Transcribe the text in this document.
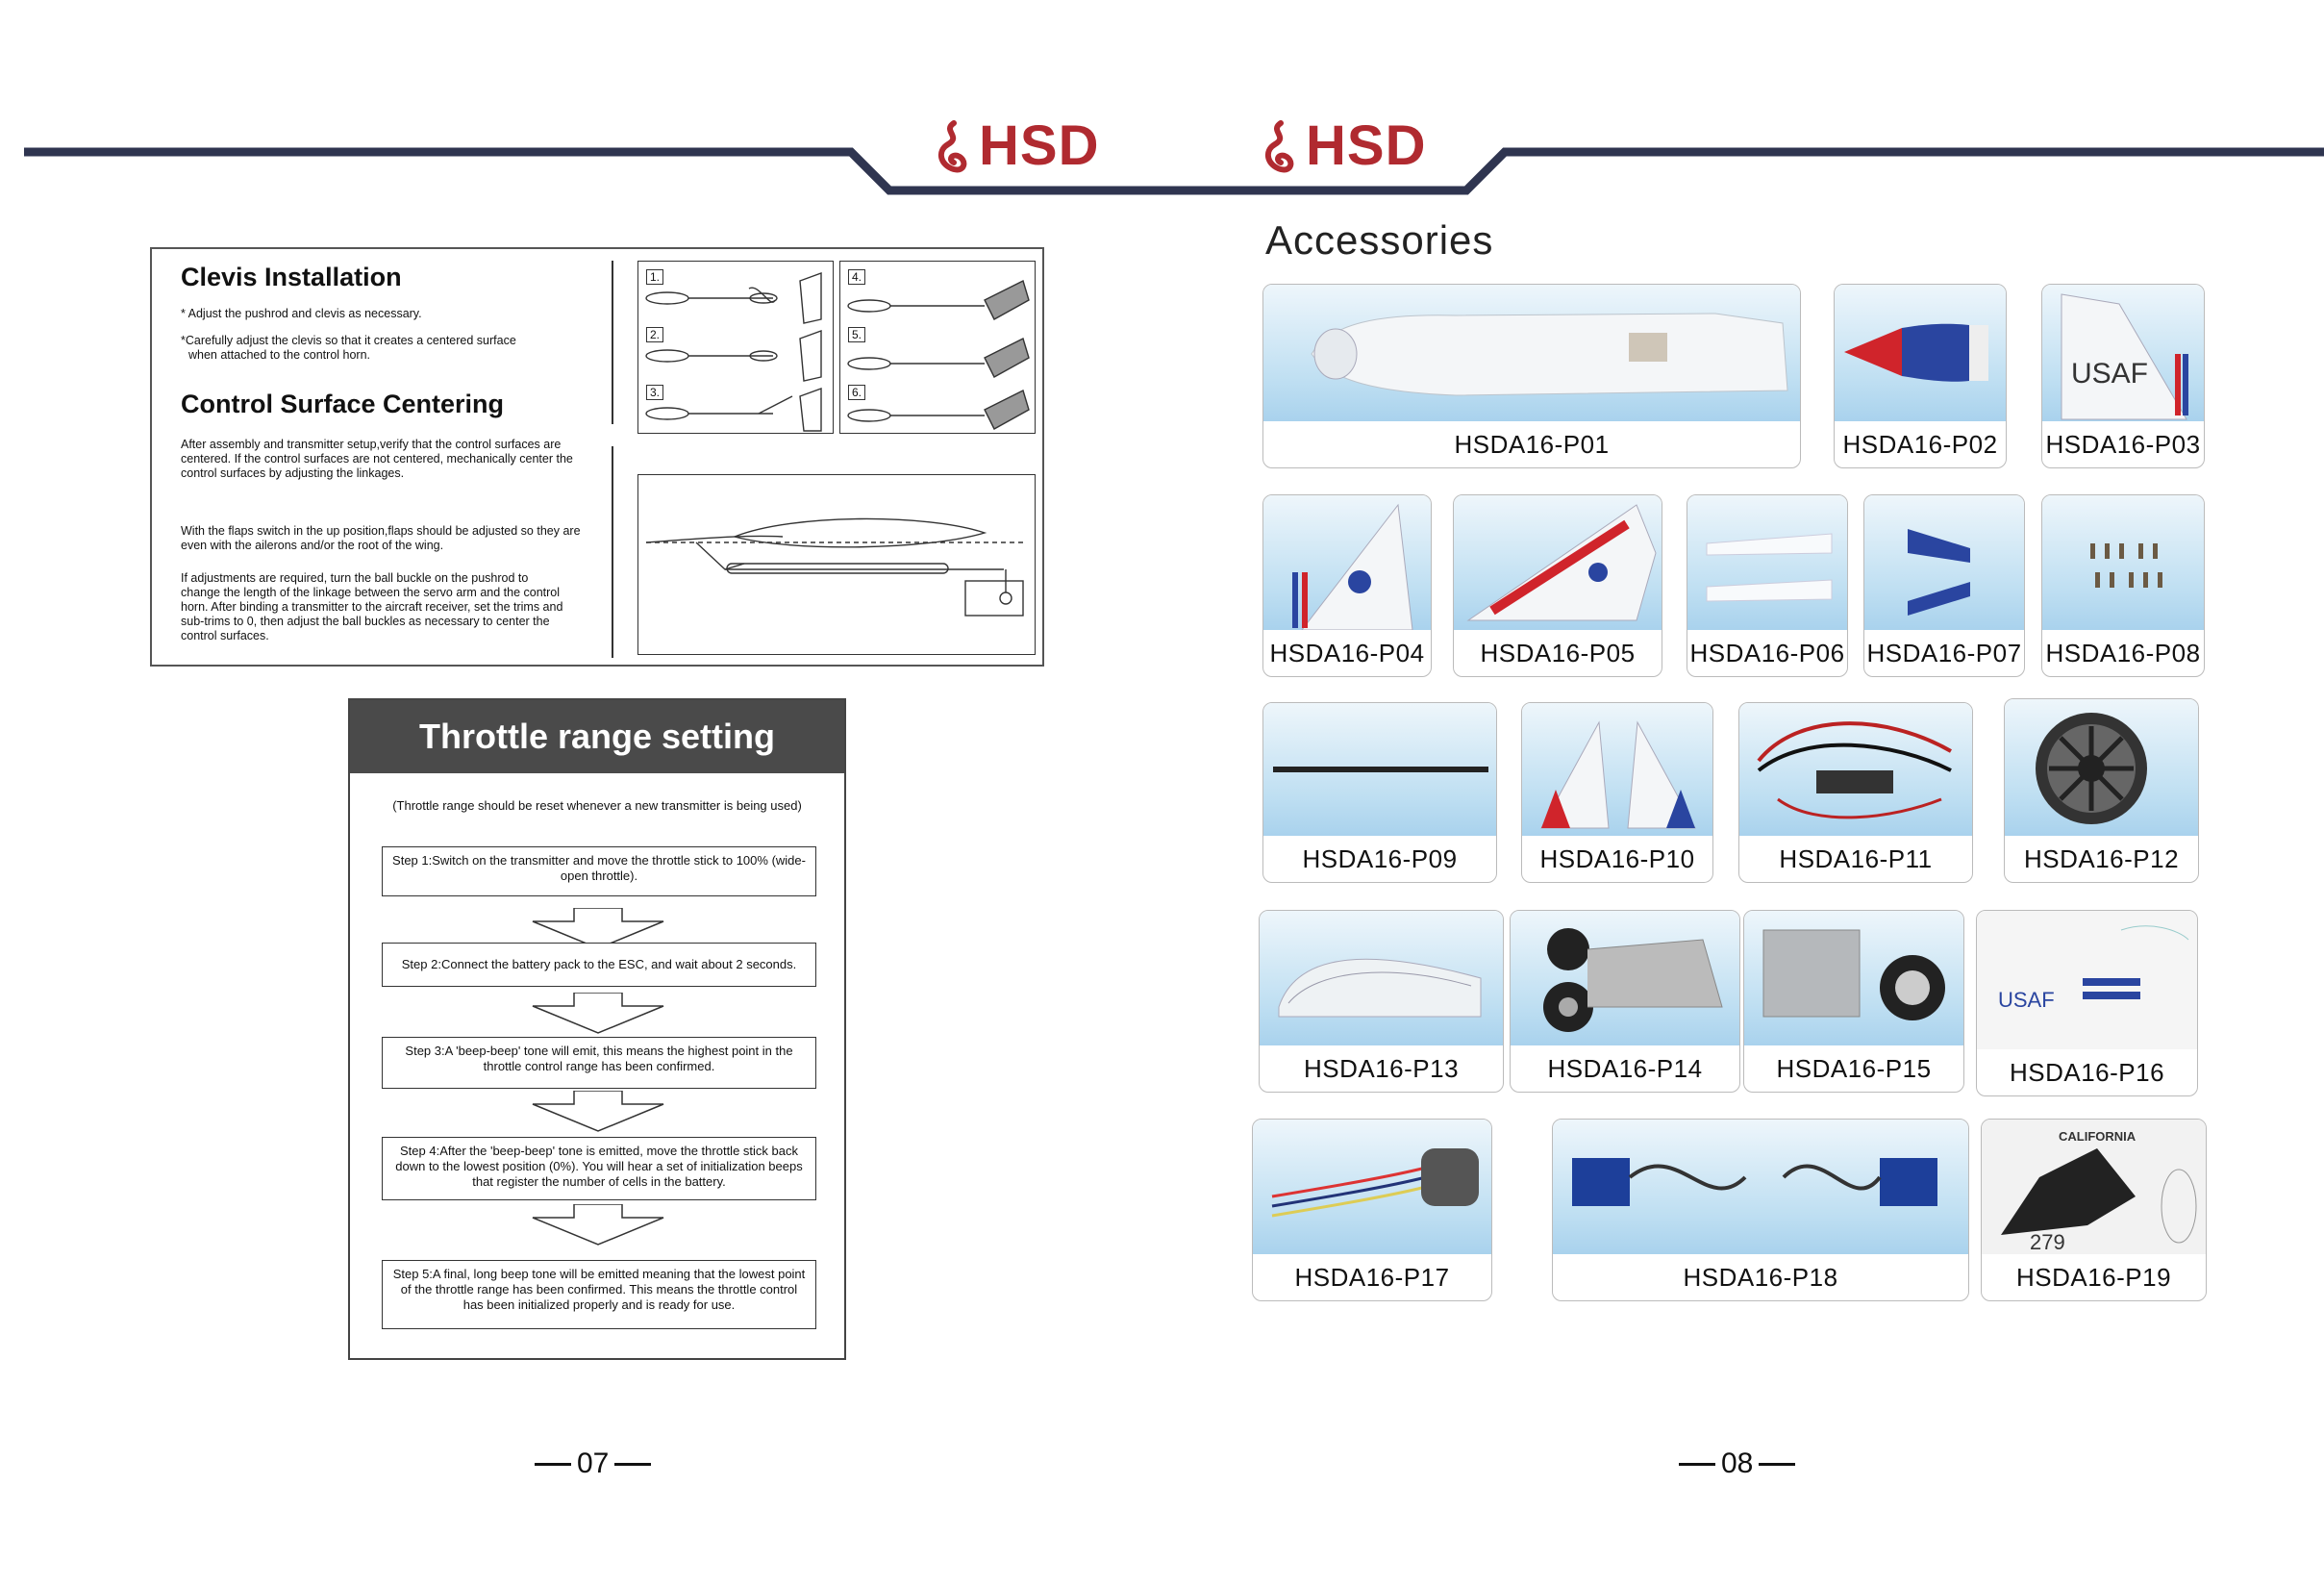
HSD	HSD
Clevis Installation
* Adjust the pushrod and clevis as necessary.
*Carefully adjust the clevis so that it creates a centered surface
when attached to the control horn.
Control Surface Centering
After assembly and transmitter setup,verify that the control surfaces are centered. If the control surfaces are not centered, mechanically center the control surfaces by adjusting the linkages.
With the flaps switch in the up position,flaps should be adjusted so they are even with the ailerons and/or the root of the wing.
If adjustments are required, turn the ball buckle on the pushrod to change the length of the linkage between the servo arm and the control horn. After binding a transmitter to the aircraft receiver, set the trims and sub-trims to 0, then adjust the ball buckles as necessary to center the control surfaces.
1.
2.
3.
4.
5.
6.
Throttle range setting
(Throttle range should be reset whenever a new transmitter is being used)
Step 1:Switch on the transmitter and move the throttle stick to 100% (wide-open throttle).
Step 2:Connect the battery pack to the ESC, and wait about 2 seconds.
Step 3:A 'beep-beep' tone will emit, this means the highest point in the throttle control range has been confirmed.
Step 4:After the 'beep-beep' tone is emitted, move the throttle stick back down to the lowest position (0%). You will hear a set of initialization beeps that register the number of cells in the battery.
Step 5:A final, long beep tone will be emitted meaning that the lowest point of the throttle range has been confirmed. This means the throttle control has been initialized properly and is ready for use.
07
Accessories
HSDA16-P01	HSDA16-P02
USAF
HSDA16-P03
HSDA16-P04	HSDA16-P05	HSDA16-P06 HSDA16-P07 HSDA16-P08
HSDA16-P09	HSDA16-P10	HSDA16-P11	HSDA16-P12
HSDA16-P13	HSDA16-P14	HSDA16-P15
USAF
HSDA16-P16
HSDA16-P17	HSDA16-P18
CALIFORNIA
279
HSDA16-P19
08
